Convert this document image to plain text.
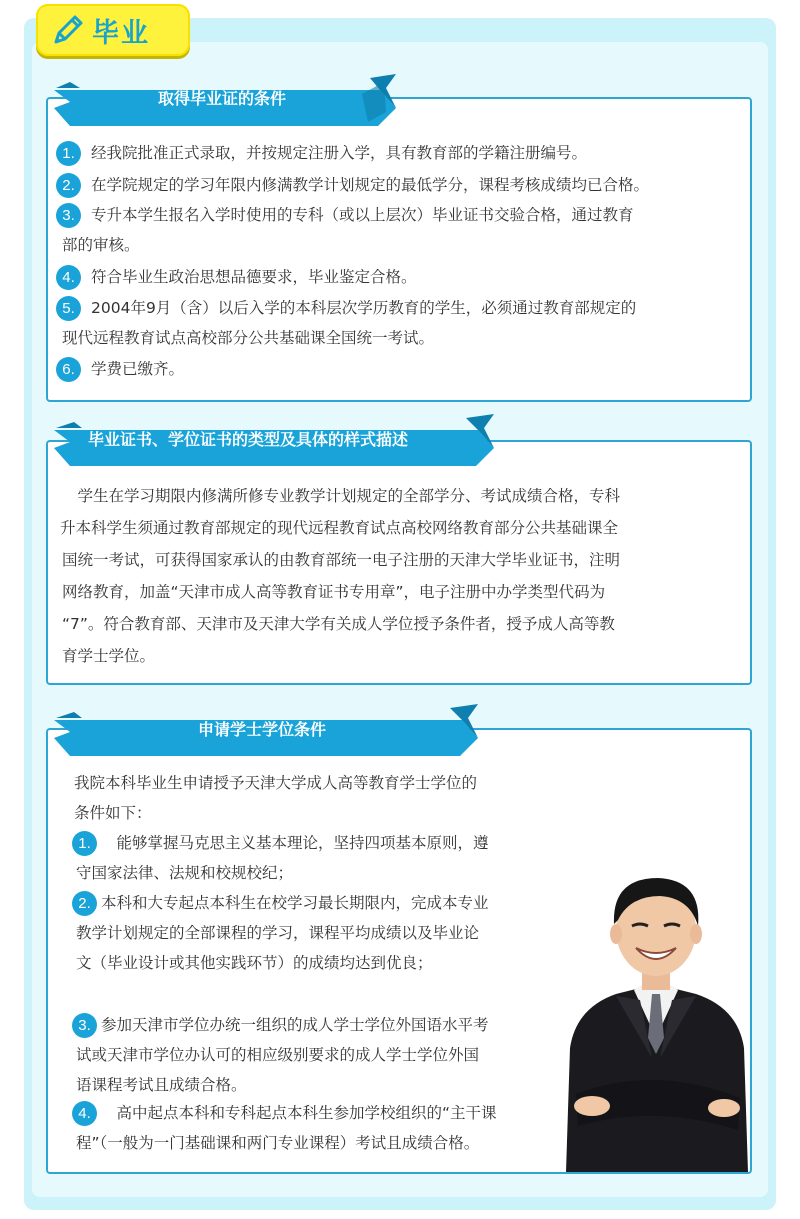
毕业
取得毕业证的条件
1. 经我院批准正式录取，并按规定注册入学，具有教育部的学籍注册编号。
2. 在学院规定的学习年限内修满教学计划规定的最低学分，课程考核成绩均已合格。
3. 专升本学生报名入学时使用的专科（或以上层次）毕业证书交验合格，通过教育
部的审核。
4. 符合毕业生政治思想品德要求，毕业鉴定合格。
5. 2004年9月（含）以后入学的本科层次学历教育的学生，必须通过教育部规定的
现代远程教育试点高校部分公共基础课全国统一考试。
6. 学费已缴齐。
毕业证书、学位证书的类型及具体的样式描述
　学生在学习期限内修满所修专业教学计划规定的全部学分、考试成绩合格，专科
升本科学生须通过教育部规定的现代远程教育试点高校网络教育部分公共基础课全
国统一考试，可获得国家承认的由教育部统一电子注册的天津大学毕业证书，注明
网络教育，加盖“天津市成人高等教育证书专用章”，电子注册中办学类型代码为
“7”。符合教育部、天津市及天津大学有关成人学位授予条件者，授予成人高等教
育学士学位。
申请学士学位条件
我院本科毕业生申请授予天津大学成人高等教育学士学位的
条件如下：
1.　能够掌握马克思主义基本理论，坚持四项基本原则，遵
守国家法律、法规和校规校纪；
2. 本科和大专起点本科生在校学习最长期限内，完成本专业
教学计划规定的全部课程的学习，课程平均成绩以及毕业论
文（毕业设计或其他实践环节）的成绩均达到优良；
3. 参加天津市学位办统一组织的成人学士学位外国语水平考
试或天津市学位办认可的相应级别要求的成人学士学位外国
语课程考试且成绩合格。
4.　高中起点本科和专科起点本科生参加学校组织的“主干课
程”（一般为一门基础课和两门专业课程）考试且成绩合格。
